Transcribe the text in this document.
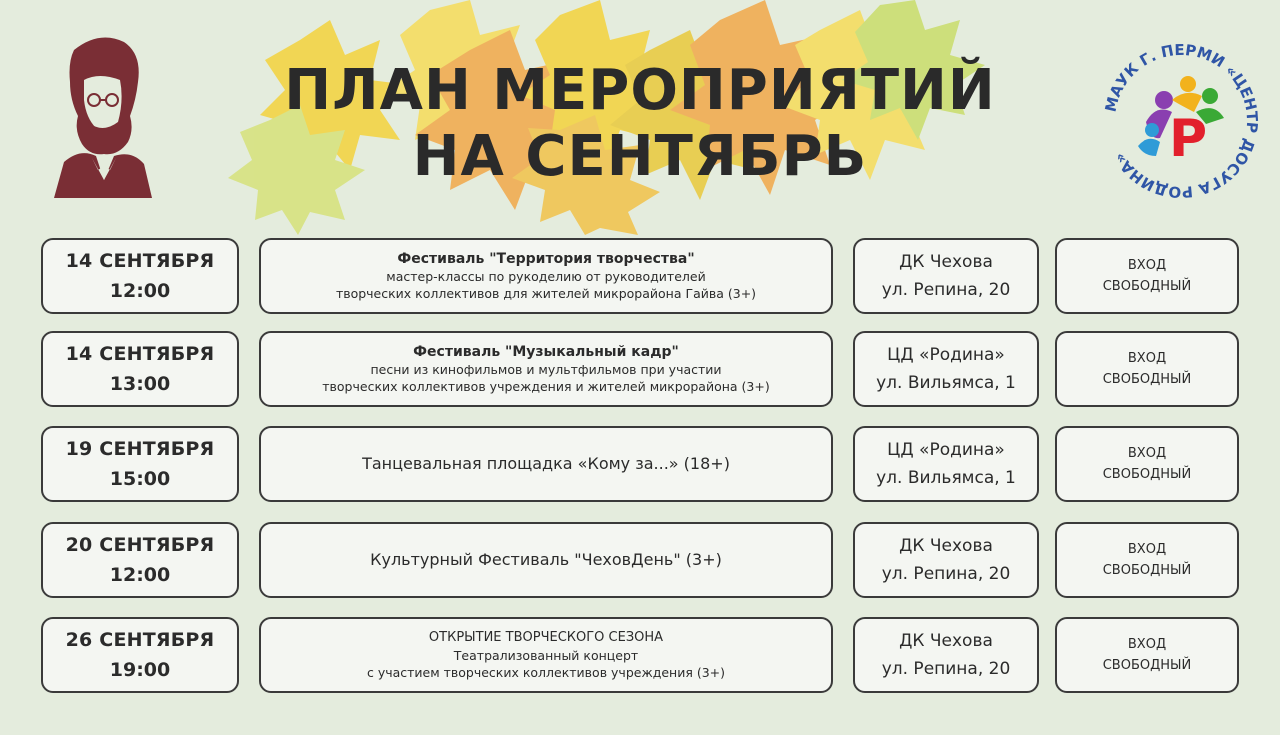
МАУК Г. ПЕРМИ «ЦЕНТР ДОСУГА РОДИНА» Р
ПЛАН МЕРОПРИЯТИЙ
НА СЕНТЯБРЬ
14 СЕНТЯБРЯ
12:00
Фестиваль "Территория творчества"
мастер-классы по рукоделию от руководителей
творческих коллективов для жителей микрорайона Гайва (3+)
ДК Чехова
ул. Репина, 20
ВХОД
СВОБОДНЫЙ
14 СЕНТЯБРЯ
13:00
Фестиваль "Музыкальный кадр"
песни из кинофильмов и мультфильмов при участии
творческих коллективов учреждения и жителей микрорайона (3+)
ЦД «Родина»
ул. Вильямса, 1
ВХОД
СВОБОДНЫЙ
19 СЕНТЯБРЯ
15:00
Танцевальная площадка «Кому за...» (18+)
ЦД «Родина»
ул. Вильямса, 1
ВХОД
СВОБОДНЫЙ
20 СЕНТЯБРЯ
12:00
Культурный Фестиваль "ЧеховДень" (3+)
ДК Чехова
ул. Репина, 20
ВХОД
СВОБОДНЫЙ
26 СЕНТЯБРЯ
19:00
ОТКРЫТИЕ ТВОРЧЕСКОГО СЕЗОНА
Театрализованный концерт
с участием творческих коллективов учреждения (3+)
ДК Чехова
ул. Репина, 20
ВХОД
СВОБОДНЫЙ
